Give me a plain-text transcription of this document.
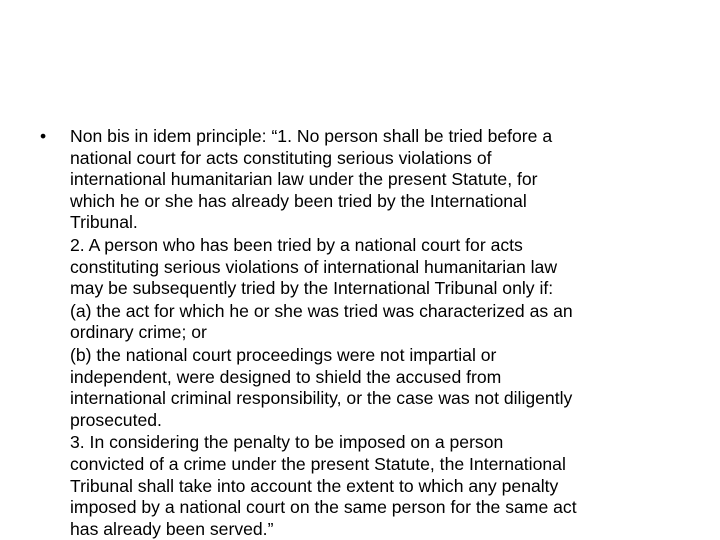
• Non bis in idem principle: “1. No person shall be tried before a
national court for acts constituting serious violations of
international humanitarian law under the present Statute, for
which he or she has already been tried by the International
Tribunal.
2. A person who has been tried by a national court for acts
constituting serious violations of international humanitarian law
may be subsequently tried by the International Tribunal only if:
(a) the act for which he or she was tried was characterized as an
ordinary crime; or
(b) the national court proceedings were not impartial or
independent, were designed to shield the accused from
international criminal responsibility, or the case was not diligently
prosecuted.
3. In considering the penalty to be imposed on a person
convicted of a crime under the present Statute, the International
Tribunal shall take into account the extent to which any penalty
imposed by a national court on the same person for the same act
has already been served.”
